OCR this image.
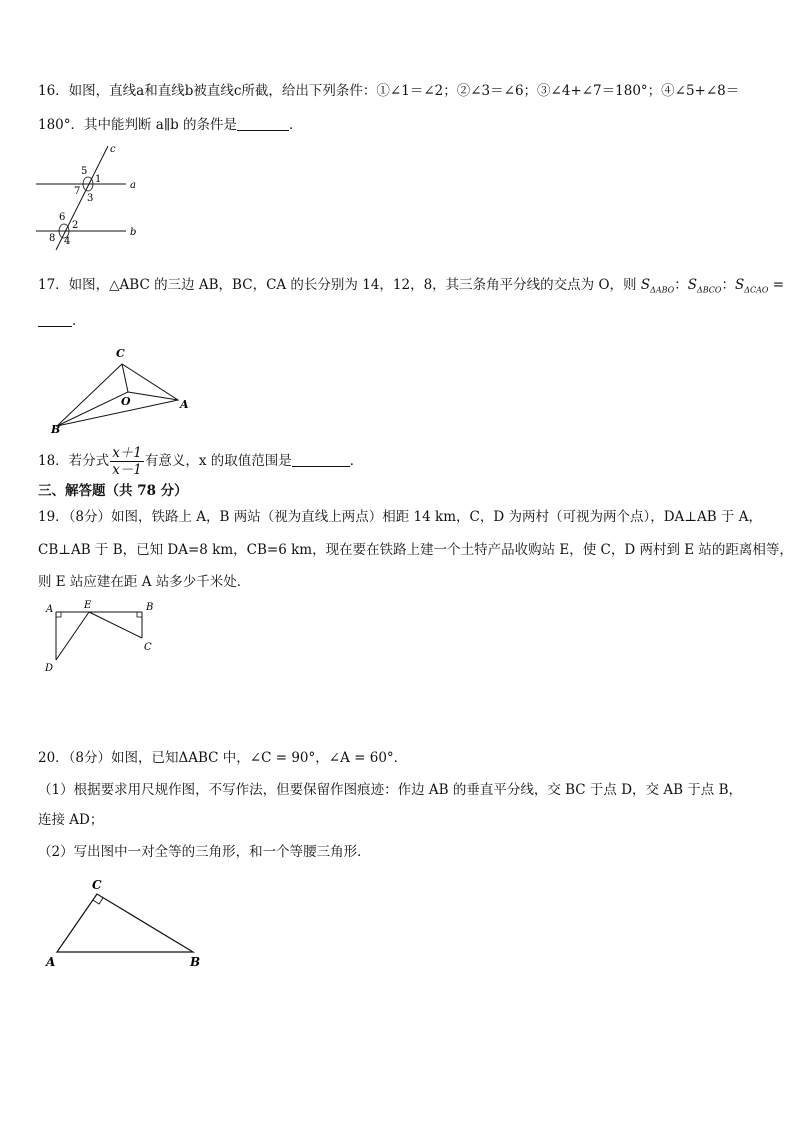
16．如图，直线a和直线b被直线c所截，给出下列条件：①∠1＝∠2；②∠3＝∠6；③∠4+∠7＝180°；④∠5+∠8＝
180°．其中能判断 a∥b 的条件是	．
c
a
b
5
1
7
3
6
2
8 4
17．如图，△ABC 的三边 AB，BC，CA 的长分别为 14，12，8，其三条角平分线的交点为 O，则 $S_{\Delta ABO}$：$S_{\Delta BCO}$：$S_{\Delta CAO}$ =
．
C
O	A
B
18．若分式 $\frac{x+1}{x-1}$ 有意义，x 的取值范围是	．
三、解答题（共 78 分）
19．（8分）如图，铁路上 A，B 两站（视为直线上两点）相距 14 km，C，D 为两村（可视为两个点），DA⊥AB 于 A，
CB⊥AB 于 B，已知 DA=8 km，CB=6 km，现在要在铁路上建一个土特产品收购站 E，使 C，D 两村到 E 站的距离相等，
则 E 站应建在距 A 站多少千米处．
A	E	B
C
D
20．（8分）如图，已知ΔABC 中，∠C = 90°，∠A = 60°．
（1）根据要求用尺规作图，不写作法，但要保留作图痕迹：作边 AB 的垂直平分线，交 BC 于点 D，交 AB 于点 B，
连接 AD；
（2）写出图中一对全等的三角形，和一个等腰三角形．
C
A	B
